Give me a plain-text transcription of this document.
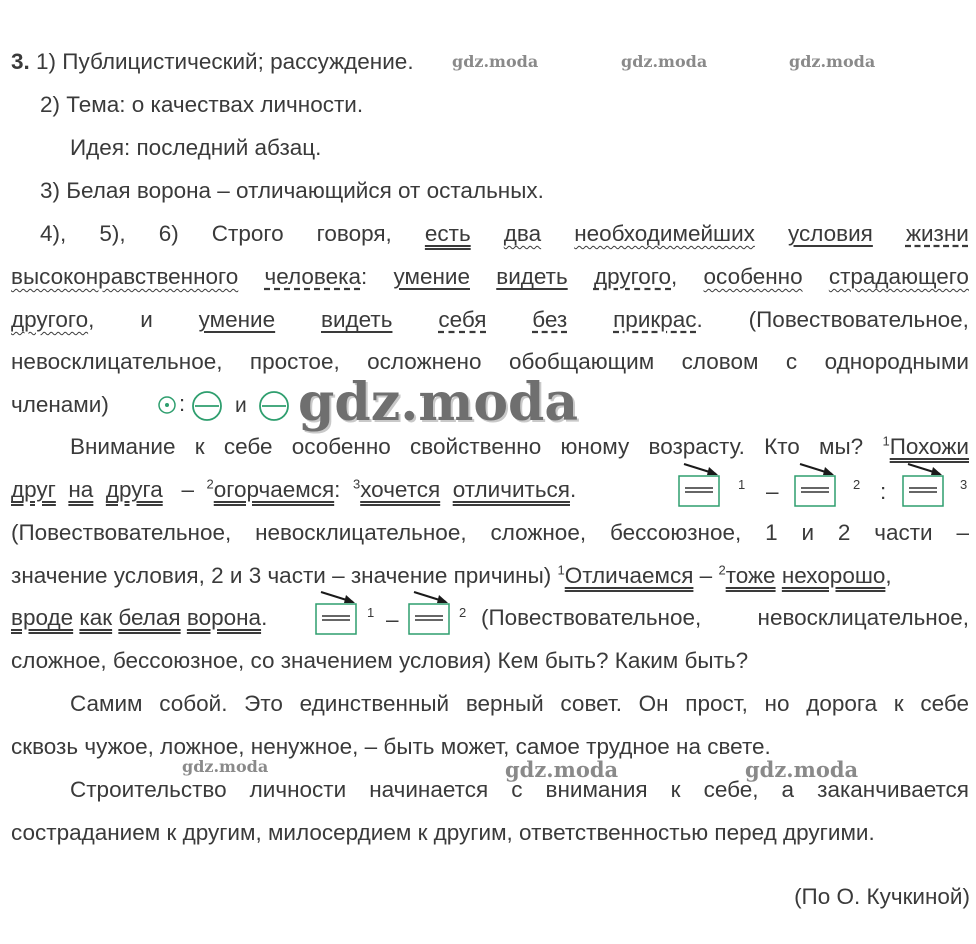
gdz.moda	gdz.moda	gdz.moda
gdz.moda
gdz.moda	gdz.moda	gdz.moda
3. 1) Публицистический; рассуждение.
2) Тема: о качествах личности.
Идея: последний абзац.
3) Белая ворона – отличающийся от остальных.
4), 5), 6) Строго говоря, есть два необходимейших условия жизни
высоконравственного человека: умение видеть другого, особенно страдающего
другого, и умение видеть себя без прикрас. (Повествовательное,
невосклицательное, простое, осложнено обобщающим словом с однородными
членами)	: и
Внимание к себе особенно свойственно юному возрасту. Кто мы? $^1$Похожи
друг на друга – $^2$огорчаемся: $^3$хочется отличиться.	1 –	2 :	3
(Повествовательное, невосклицательное, сложное, бессоюзное, 1 и 2 части –
значение условия, 2 и 3 части – значение причины) $^1$Отличаемся – $^2$тоже нехорошо,
вроде как белая ворона.	1 –	2 (Повествовательное, невосклицательное,
сложное, бессоюзное, со значением условия) Кем быть? Каким быть?
Самим собой. Это единственный верный совет. Он прост, но дорога к себе
сквозь чужое, ложное, ненужное, – быть может, самое трудное на свете.
Строительство личности начинается с внимания к себе, а заканчивается
состраданием к другим, милосердием к другим, ответственностью перед другими.
(По О. Кучкиной)
